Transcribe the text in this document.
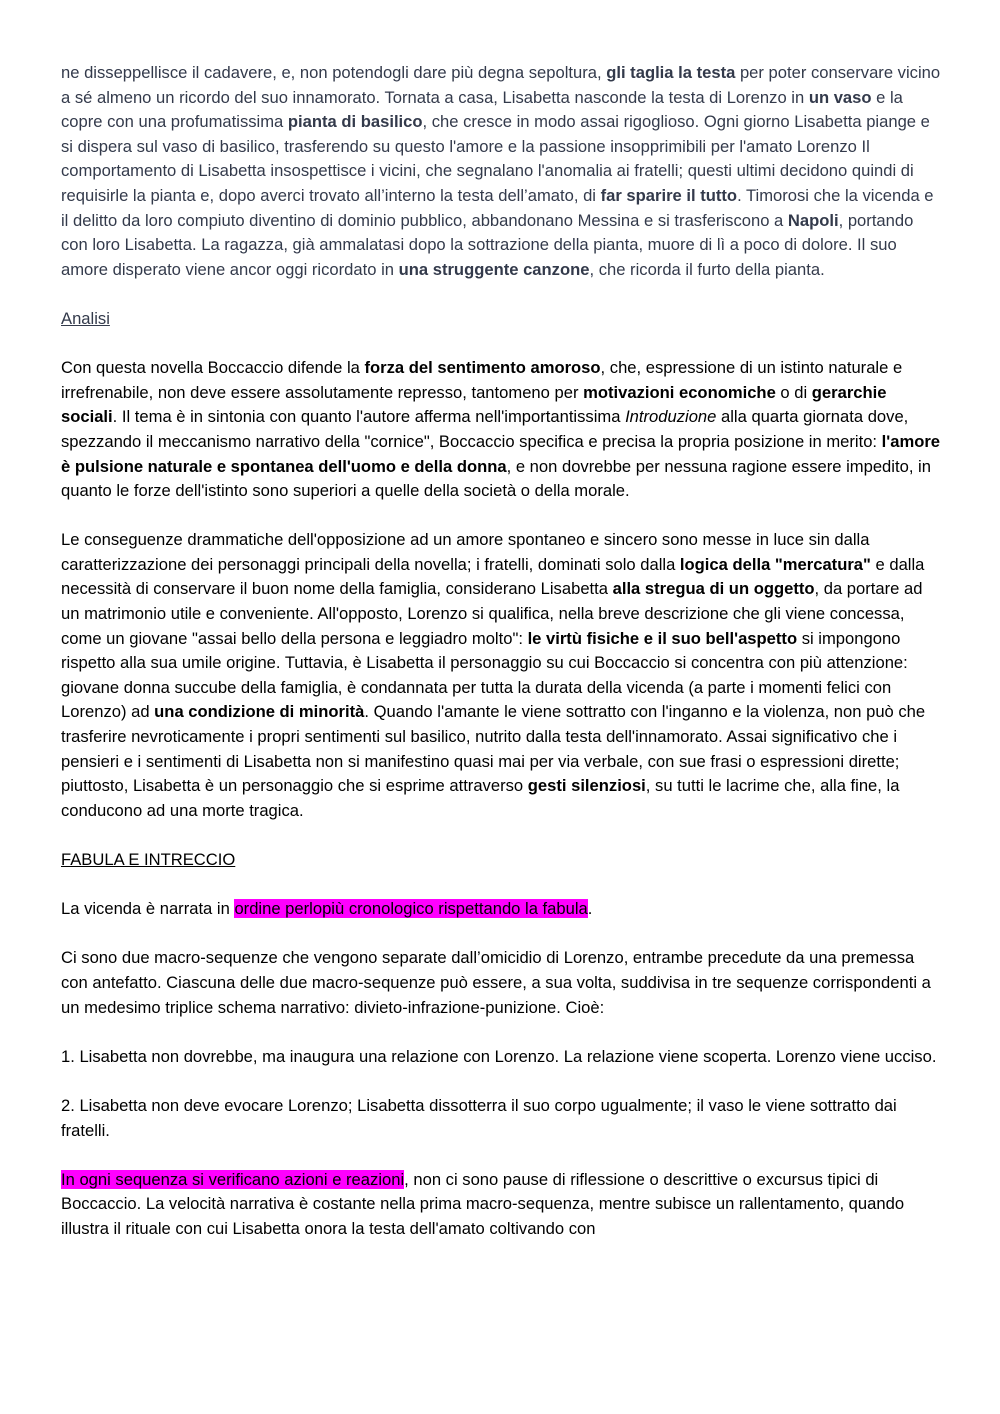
ne disseppellisce il cadavere, e, non potendogli dare più degna sepoltura, gli taglia la testa per poter conservare vicino a sé almeno un ricordo del suo innamorato. Tornata a casa, Lisabetta nasconde la testa di Lorenzo in un vaso e la copre con una profumatissima pianta di basilico, che cresce in modo assai rigoglioso. Ogni giorno Lisabetta piange e si dispera sul vaso di basilico, trasferendo su questo l'amore e la passione insopprimibili per l'amato Lorenzo Il comportamento di Lisabetta insospettisce i vicini, che segnalano l'anomalia ai fratelli; questi ultimi decidono quindi di requisirle la pianta e, dopo averci trovato all’interno la testa dell’amato, di far sparire il tutto. Timorosi che la vicenda e il delitto da loro compiuto diventino di dominio pubblico, abbandonano Messina e si trasferiscono a Napoli, portando con loro Lisabetta. La ragazza, già ammalatasi dopo la sottrazione della pianta, muore di lì a poco di dolore. Il suo amore disperato viene ancor oggi ricordato in una struggente canzone, che ricorda il furto della pianta.

Analisi

Con questa novella Boccaccio difende la forza del sentimento amoroso, che, espressione di un istinto naturale e irrefrenabile, non deve essere assolutamente represso, tantomeno per motivazioni economiche o di gerarchie sociali. Il tema è in sintonia con quanto l'autore afferma nell'importantissima Introduzione alla quarta giornata dove, spezzando il meccanismo narrativo della "cornice", Boccaccio specifica e precisa la propria posizione in merito: l'amore è pulsione naturale e spontanea dell'uomo e della donna, e non dovrebbe per nessuna ragione essere impedito, in quanto le forze dell'istinto sono superiori a quelle della società o della morale.

Le conseguenze drammatiche dell'opposizione ad un amore spontaneo e sincero sono messe in luce sin dalla caratterizzazione dei personaggi principali della novella; i fratelli, dominati solo dalla logica della "mercatura" e dalla necessità di conservare il buon nome della famiglia, considerano Lisabetta alla stregua di un oggetto, da portare ad un matrimonio utile e conveniente. All'opposto, Lorenzo si qualifica, nella breve descrizione che gli viene concessa, come un giovane "assai bello della persona e leggiadro molto": le virtù fisiche e il suo bell'aspetto si impongono rispetto alla sua umile origine. Tuttavia, è Lisabetta il personaggio su cui Boccaccio si concentra con più attenzione: giovane donna succube della famiglia, è condannata per tutta la durata della vicenda (a parte i momenti felici con Lorenzo) ad una condizione di minorità. Quando l'amante le viene sottratto con l'inganno e la violenza, non può che trasferire nevroticamente i propri sentimenti sul basilico, nutrito dalla testa dell'innamorato. Assai significativo che i pensieri e i sentimenti di Lisabetta non si manifestino quasi mai per via verbale, con sue frasi o espressioni dirette; piuttosto, Lisabetta è un personaggio che si esprime attraverso gesti silenziosi, su tutti le lacrime che, alla fine, la conducono ad una morte tragica.

FABULA E INTRECCIO

La vicenda è narrata in ordine perlopiù cronologico rispettando la fabula.

Ci sono due macro-sequenze che vengono separate dall’omicidio di Lorenzo, entrambe precedute da una premessa con antefatto. Ciascuna delle due macro-sequenze può essere, a sua volta, suddivisa in tre sequenze corrispondenti a un medesimo triplice schema narrativo: divieto-infrazione-punizione. Cioè:

1. Lisabetta non dovrebbe, ma inaugura una relazione con Lorenzo. La relazione viene scoperta. Lorenzo viene ucciso.

2. Lisabetta non deve evocare Lorenzo; Lisabetta dissotterra il suo corpo ugualmente; il vaso le viene sottratto dai fratelli.

In ogni sequenza si verificano azioni e reazioni, non ci sono pause di riflessione o descrittive o excursus tipici di Boccaccio. La velocità narrativa è costante nella prima macro-sequenza, mentre subisce un rallentamento, quando illustra il rituale con cui Lisabetta onora la testa dell'amato coltivando con
